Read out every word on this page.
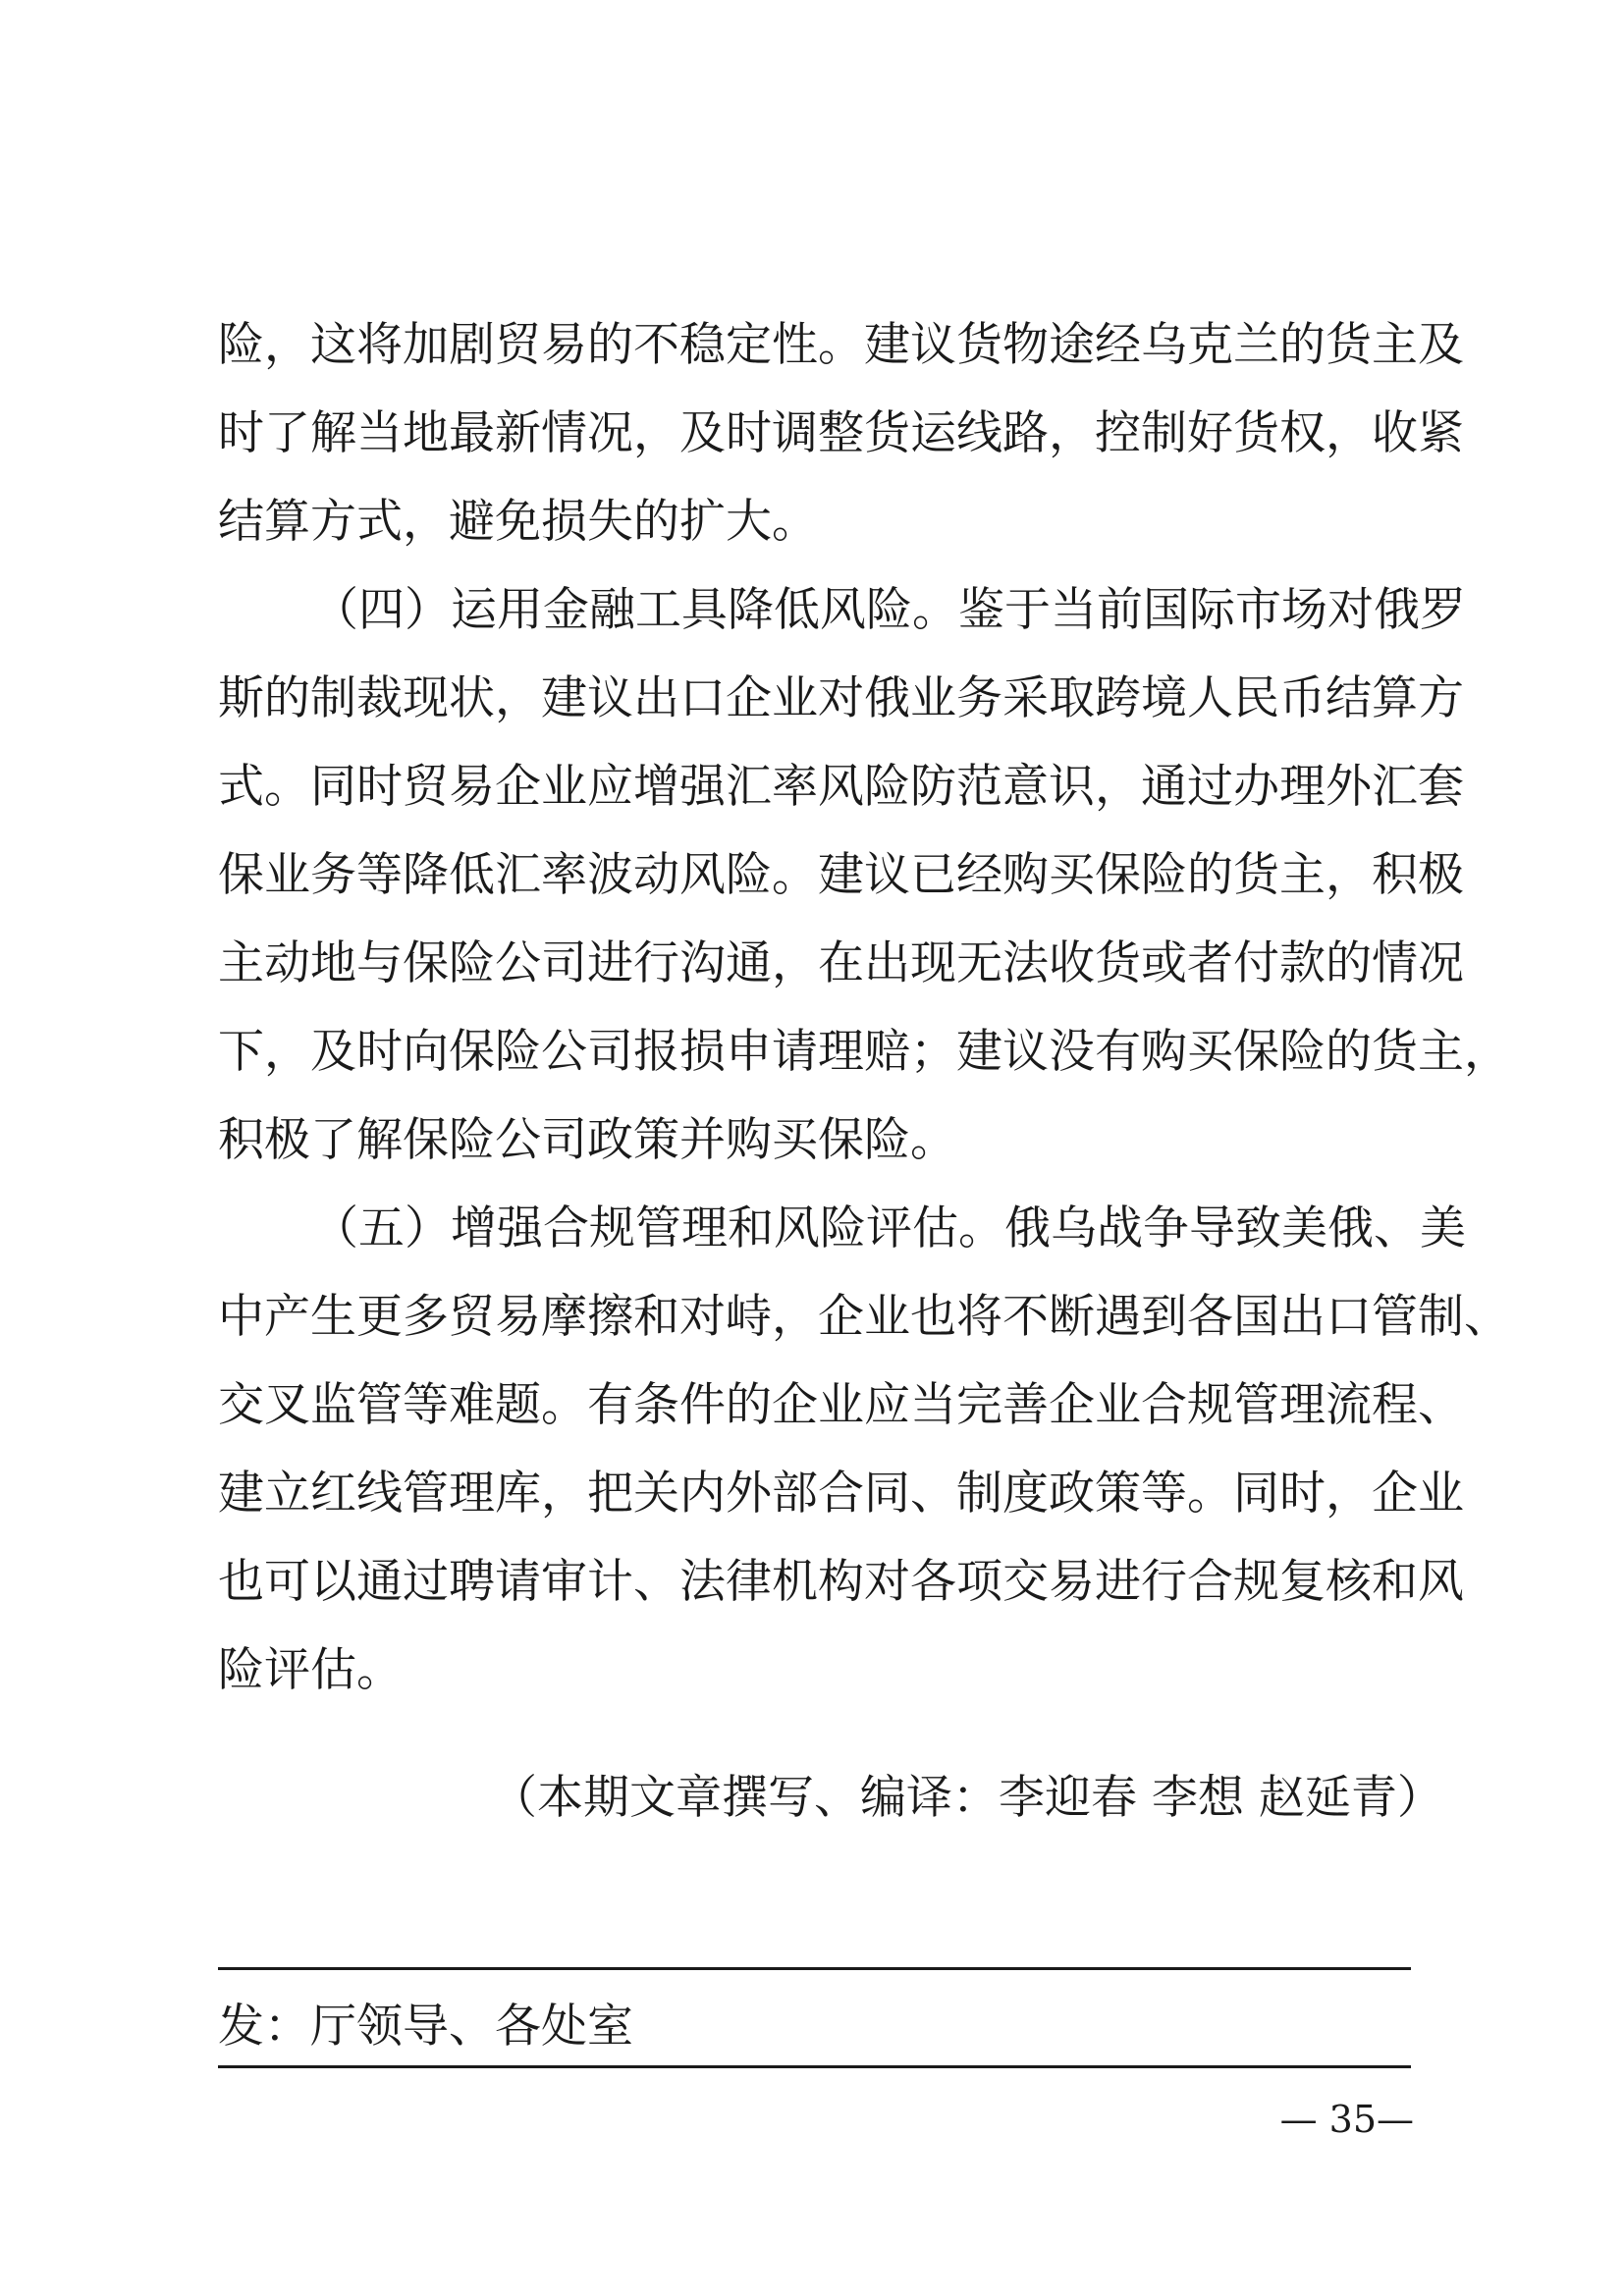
险，这将加剧贸易的不稳定性。建议货物途经乌克兰的货主及
时了解当地最新情况，及时调整货运线路，控制好货权，收紧
结算方式，避免损失的扩大。
（四）运用金融工具降低风险。鉴于当前国际市场对俄罗
斯的制裁现状，建议出口企业对俄业务采取跨境人民币结算方
式。同时贸易企业应增强汇率风险防范意识，通过办理外汇套
保业务等降低汇率波动风险。建议已经购买保险的货主，积极
主动地与保险公司进行沟通，在出现无法收货或者付款的情况
下，及时向保险公司报损申请理赔；建议没有购买保险的货主，
积极了解保险公司政策并购买保险。
（五）增强合规管理和风险评估。俄乌战争导致美俄、美
中产生更多贸易摩擦和对峙，企业也将不断遇到各国出口管制、
交叉监管等难题。有条件的企业应当完善企业合规管理流程、
建立红线管理库，把关内外部合同、制度政策等。同时，企业
也可以通过聘请审计、法律机构对各项交易进行合规复核和风
险评估。
（本期文章撰写、编译：李迎春 李想 赵延青）
发：厅领导、各处室
— 35—
